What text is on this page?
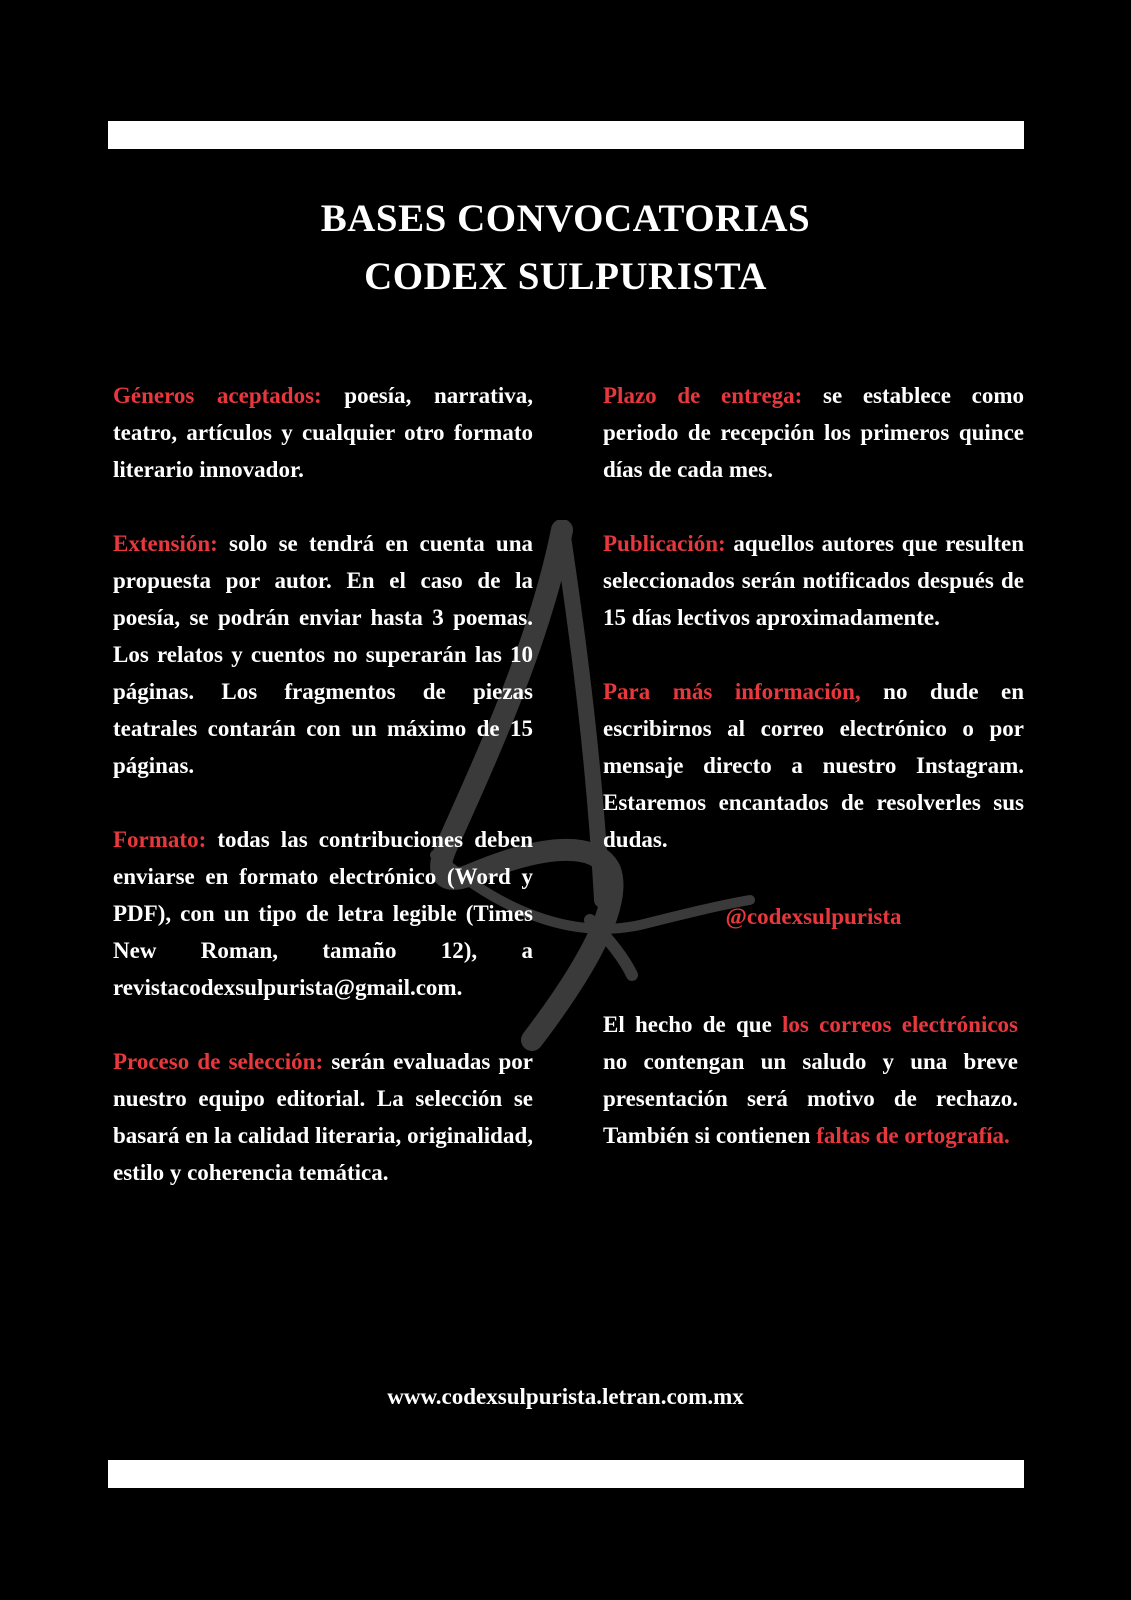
BASES CONVOCATORIAS
CODEX SULPURISTA

Géneros aceptados: poesía, narrativa, teatro, artículos y cualquier otro formato literario innovador.

Extensión: solo se tendrá en cuenta una propuesta por autor. En el caso de la poesía, se podrán enviar hasta 3 poemas. Los relatos y cuentos no superarán las 10 páginas. Los fragmentos de piezas teatrales contarán con un máximo de 15 páginas.

Formato: todas las contribuciones deben enviarse en formato electrónico (Word y PDF), con un tipo de letra legible (Times New Roman, tamaño 12), a revistacodexsulpurista@gmail.com.

Proceso de selección: serán evaluadas por nuestro equipo editorial. La selección se basará en la calidad literaria, originalidad, estilo y coherencia temática.

Plazo de entrega: se establece como periodo de recepción los primeros quince días de cada mes.

Publicación: aquellos autores que resulten seleccionados serán notificados después de 15 días lectivos aproximadamente.

Para más información, no dude en escribirnos al correo electrónico o por mensaje directo a nuestro Instagram. Estaremos encantados de resolverles sus dudas.

@codexsulpurista

El hecho de que los correos electrónicos no contengan un saludo y una breve presentación será motivo de rechazo. También si contienen faltas de ortografía.

www.codexsulpurista.letran.com.mx
